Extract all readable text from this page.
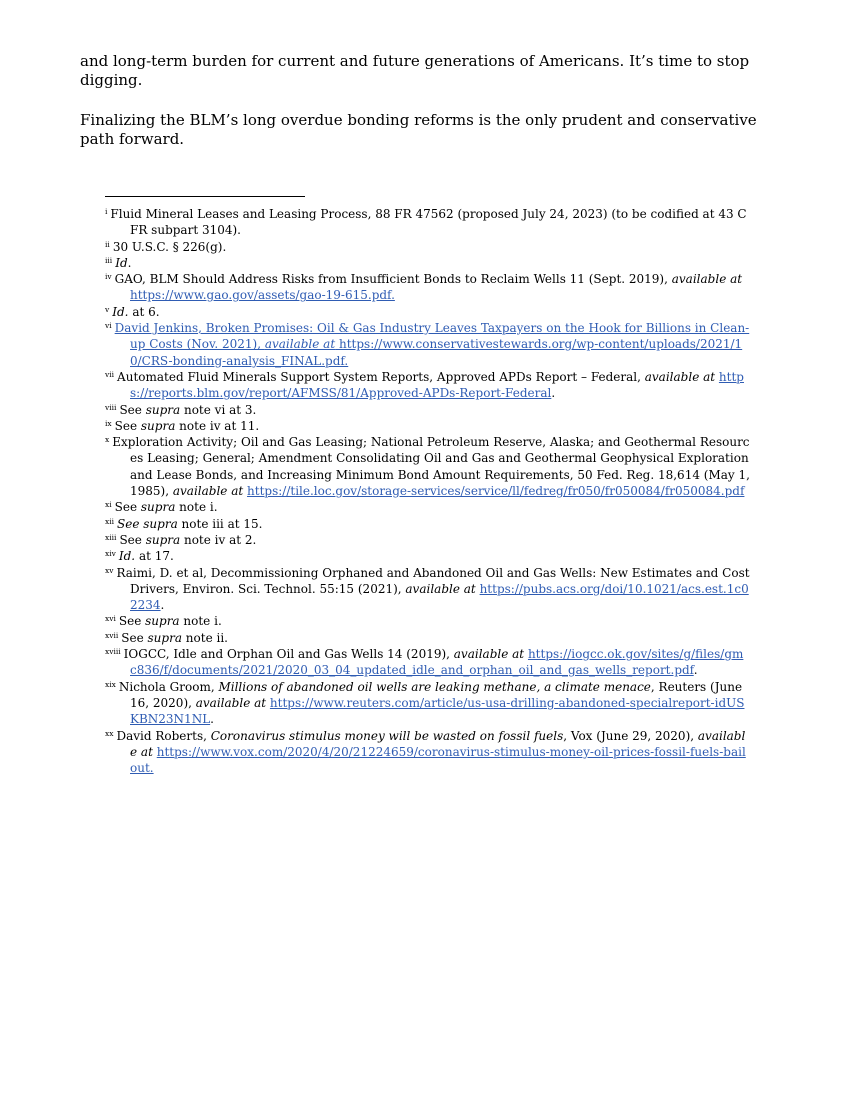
and long-term burden for current and future generations of Americans. It’s time to stop digging.

Finalizing the BLM’s long overdue bonding reforms is the only prudent and conservative path forward.

$^i$ Fluid Mineral Leases and Leasing Process, 88 FR 47562 (proposed July 24, 2023) (to be codified at 43 CFR subpart 3104).

$^{ii}$ 30 U.S.C. § 226(g).

$^{iii}$ Id.

$^{iv}$ GAO, BLM Should Address Risks from Insufficient Bonds to Reclaim Wells 11 (Sept. 2019), available at https://www.gao.gov/assets/gao-19-615.pdf.

$^v$ Id. at 6.

$^{vi}$ David Jenkins, Broken Promises: Oil & Gas Industry Leaves Taxpayers on the Hook for Billions in Clean-up Costs (Nov. 2021), available at https://www.conservativestewards.org/wp-content/uploads/2021/10/CRS-bonding-analysis_FINAL.pdf.

$^{vii}$ Automated Fluid Minerals Support System Reports, Approved APDs Report – Federal, available at https://reports.blm.gov/report/AFMSS/81/Approved-APDs-Report-Federal.

$^{viii}$ See supra note vi at 3.

$^{ix}$ See supra note iv at 11.

$^x$ Exploration Activity; Oil and Gas Leasing; National Petroleum Reserve, Alaska; and Geothermal Resources Leasing; General; Amendment Consolidating Oil and Gas and Geothermal Geophysical Exploration and Lease Bonds, and Increasing Minimum Bond Amount Requirements, 50 Fed. Reg. 18,614 (May 1, 1985), available at https://tile.loc.gov/storage-services/service/ll/fedreg/fr050/fr050084/fr050084.pdf

$^{xi}$ See supra note i.

$^{xii}$ See supra note iii at 15.

$^{xiii}$ See supra note iv at 2.

$^{xiv}$ Id. at 17.

$^{xv}$ Raimi, D. et al, Decommissioning Orphaned and Abandoned Oil and Gas Wells: New Estimates and Cost Drivers, Environ. Sci. Technol. 55:15 (2021), available at https://pubs.acs.org/doi/10.1021/acs.est.1c02234.

$^{xvi}$ See supra note i.

$^{xvii}$ See supra note ii.

$^{xviii}$ IOGCC, Idle and Orphan Oil and Gas Wells 14 (2019), available at https://iogcc.ok.gov/sites/g/files/gmc836/f/documents/2021/2020_03_04_updated_idle_and_orphan_oil_and_gas_wells_report.pdf.

$^{xix}$ Nichola Groom, Millions of abandoned oil wells are leaking methane, a climate menace, Reuters (June 16, 2020), available at https://www.reuters.com/article/us-usa-drilling-abandoned-specialreport-idUSKBN23N1NL.

$^{xx}$ David Roberts, Coronavirus stimulus money will be wasted on fossil fuels, Vox (June 29, 2020), available at https://www.vox.com/2020/4/20/21224659/coronavirus-stimulus-money-oil-prices-fossil-fuels-bailout.
